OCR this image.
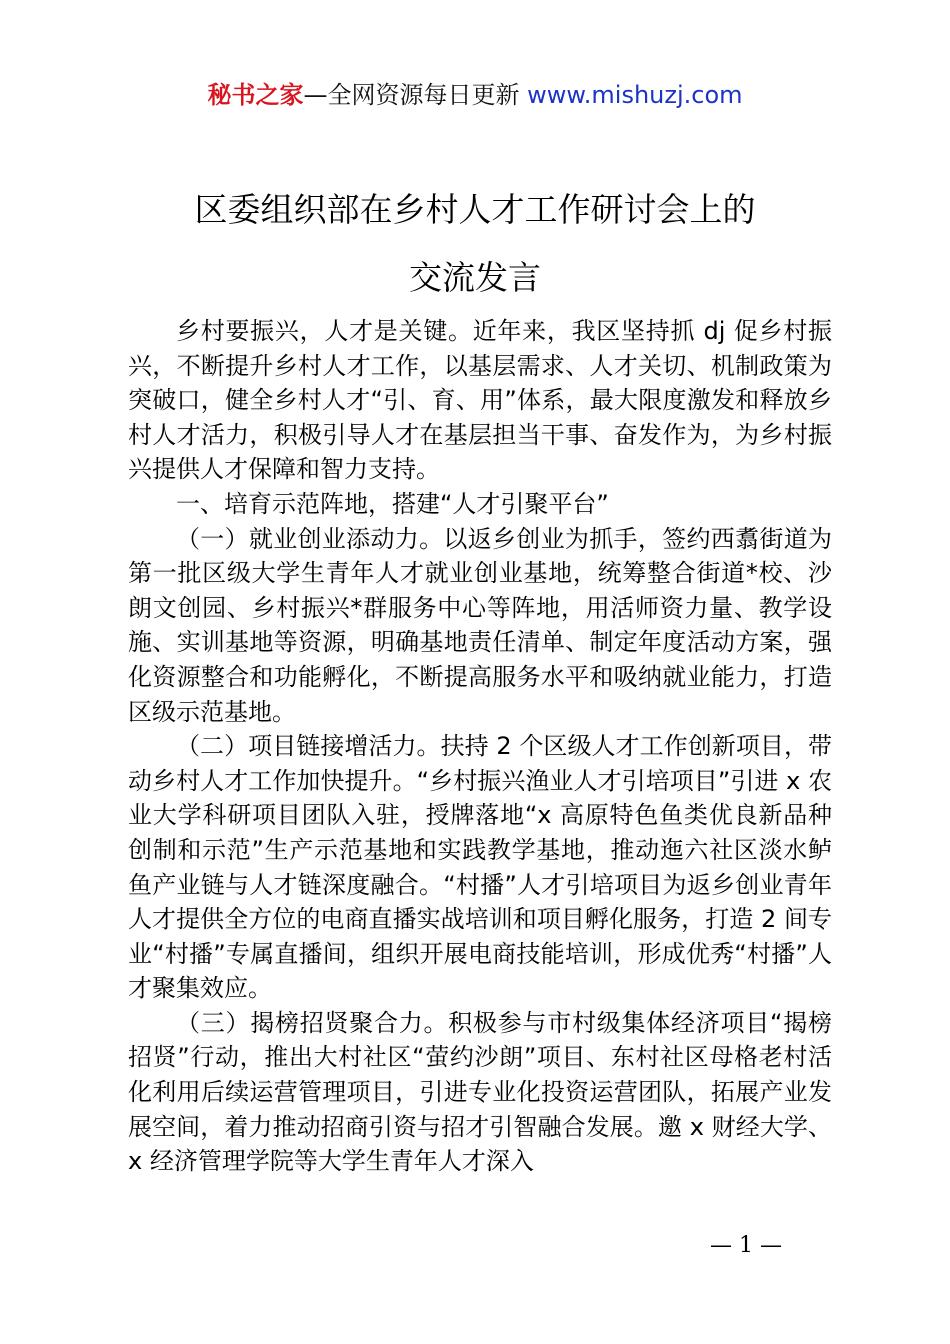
秘书之家—全网资源每日更新 www.mishuzj.com
区委组织部在乡村人才工作研讨会上的
交流发言

乡村要振兴，人才是关键。近年来，我区坚持抓 dj 促乡村振兴，不断提升乡村人才工作，以基层需求、人才关切、机制政策为突破口，健全乡村人才“引、育、用”体系，最大限度激发和释放乡村人才活力，积极引导人才在基层担当干事、奋发作为，为乡村振兴提供人才保障和智力支持。

一、培育示范阵地，搭建“人才引聚平台”

（一）就业创业添动力。以返乡创业为抓手，签约西翥街道为第一批区级大学生青年人才就业创业基地，统筹整合街道*校、沙朗文创园、乡村振兴*群服务中心等阵地，用活师资力量、教学设施、实训基地等资源，明确基地责任清单、制定年度活动方案，强化资源整合和功能孵化，不断提高服务水平和吸纳就业能力，打造区级示范基地。

（二）项目链接增活力。扶持 2 个区级人才工作创新项目，带动乡村人才工作加快提升。“乡村振兴渔业人才引培项目”引进 x 农业大学科研项目团队入驻，授牌落地“x 高原特色鱼类优良新品种创制和示范”生产示范基地和实践教学基地，推动迤六社区淡水鲈鱼产业链与人才链深度融合。“村播”人才引培项目为返乡创业青年人才提供全方位的电商直播实战培训和项目孵化服务，打造 2 间专业“村播”专属直播间，组织开展电商技能培训，形成优秀“村播”人才聚集效应。

（三）揭榜招贤聚合力。积极参与市村级集体经济项目“揭榜招贤”行动，推出大村社区“萤约沙朗”项目、东村社区母格老村活化利用后续运营管理项目，引进专业化投资运营团队，拓展产业发展空间，着力推动招商引资与招才引智融合发展。邀 x 财经大学、x 经济管理学院等大学生青年人才深入

— 1 —
